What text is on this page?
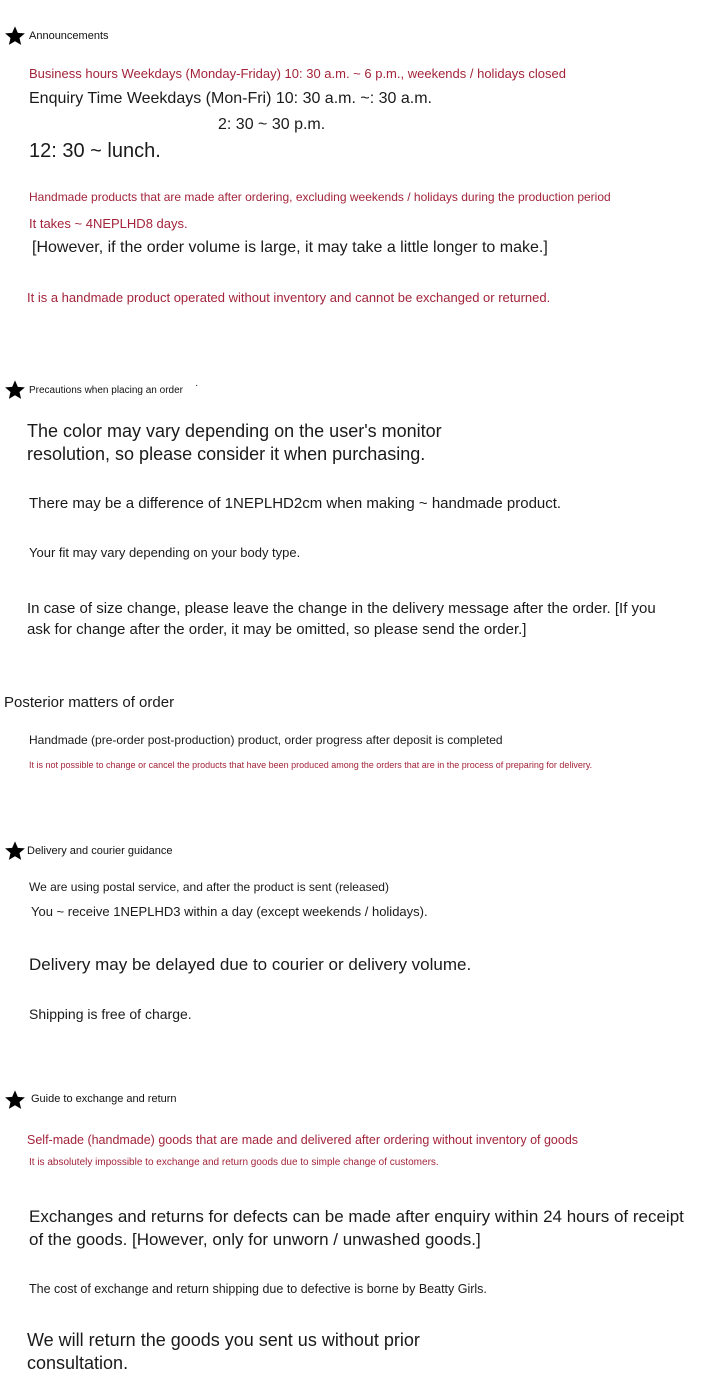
Announcements
Business hours Weekdays (Monday-Friday) 10: 30 a.m. ~ 6 p.m., weekends / holidays closed
Enquiry Time Weekdays (Mon-Fri) 10: 30 a.m. ~: 30 a.m.
2: 30 ~ 30 p.m.
12: 30 ~ lunch.
Handmade products that are made after ordering, excluding weekends / holidays during the production period
It takes ~ 4NEPLHD8 days.
[However, if the order volume is large, it may take a little longer to make.]
It is a handmade product operated without inventory and cannot be exchanged or returned.
Precautions when placing an order ·
The color may vary depending on the user's monitor resolution, so please consider it when purchasing.
There may be a difference of 1NEPLHD2cm when making ~ handmade product.
Your fit may vary depending on your body type.
In case of size change, please leave the change in the delivery message after the order. [If you ask for change after the order, it may be omitted, so please send the order.]
Posterior matters of order
Handmade (pre-order post-production) product, order progress after deposit is completed
It is not possible to change or cancel the products that have been produced among the orders that are in the process of preparing for delivery.
Delivery and courier guidance
We are using postal service, and after the product is sent (released)
You ~ receive 1NEPLHD3 within a day (except weekends / holidays).
Delivery may be delayed due to courier or delivery volume.
Shipping is free of charge.
Guide to exchange and return
Self-made (handmade) goods that are made and delivered after ordering without inventory of goods
It is absolutely impossible to exchange and return goods due to simple change of customers.
Exchanges and returns for defects can be made after enquiry within 24 hours of receipt of the goods. [However, only for unworn / unwashed goods.]
The cost of exchange and return shipping due to defective is borne by Beatty Girls.
We will return the goods you sent us without prior consultation.
